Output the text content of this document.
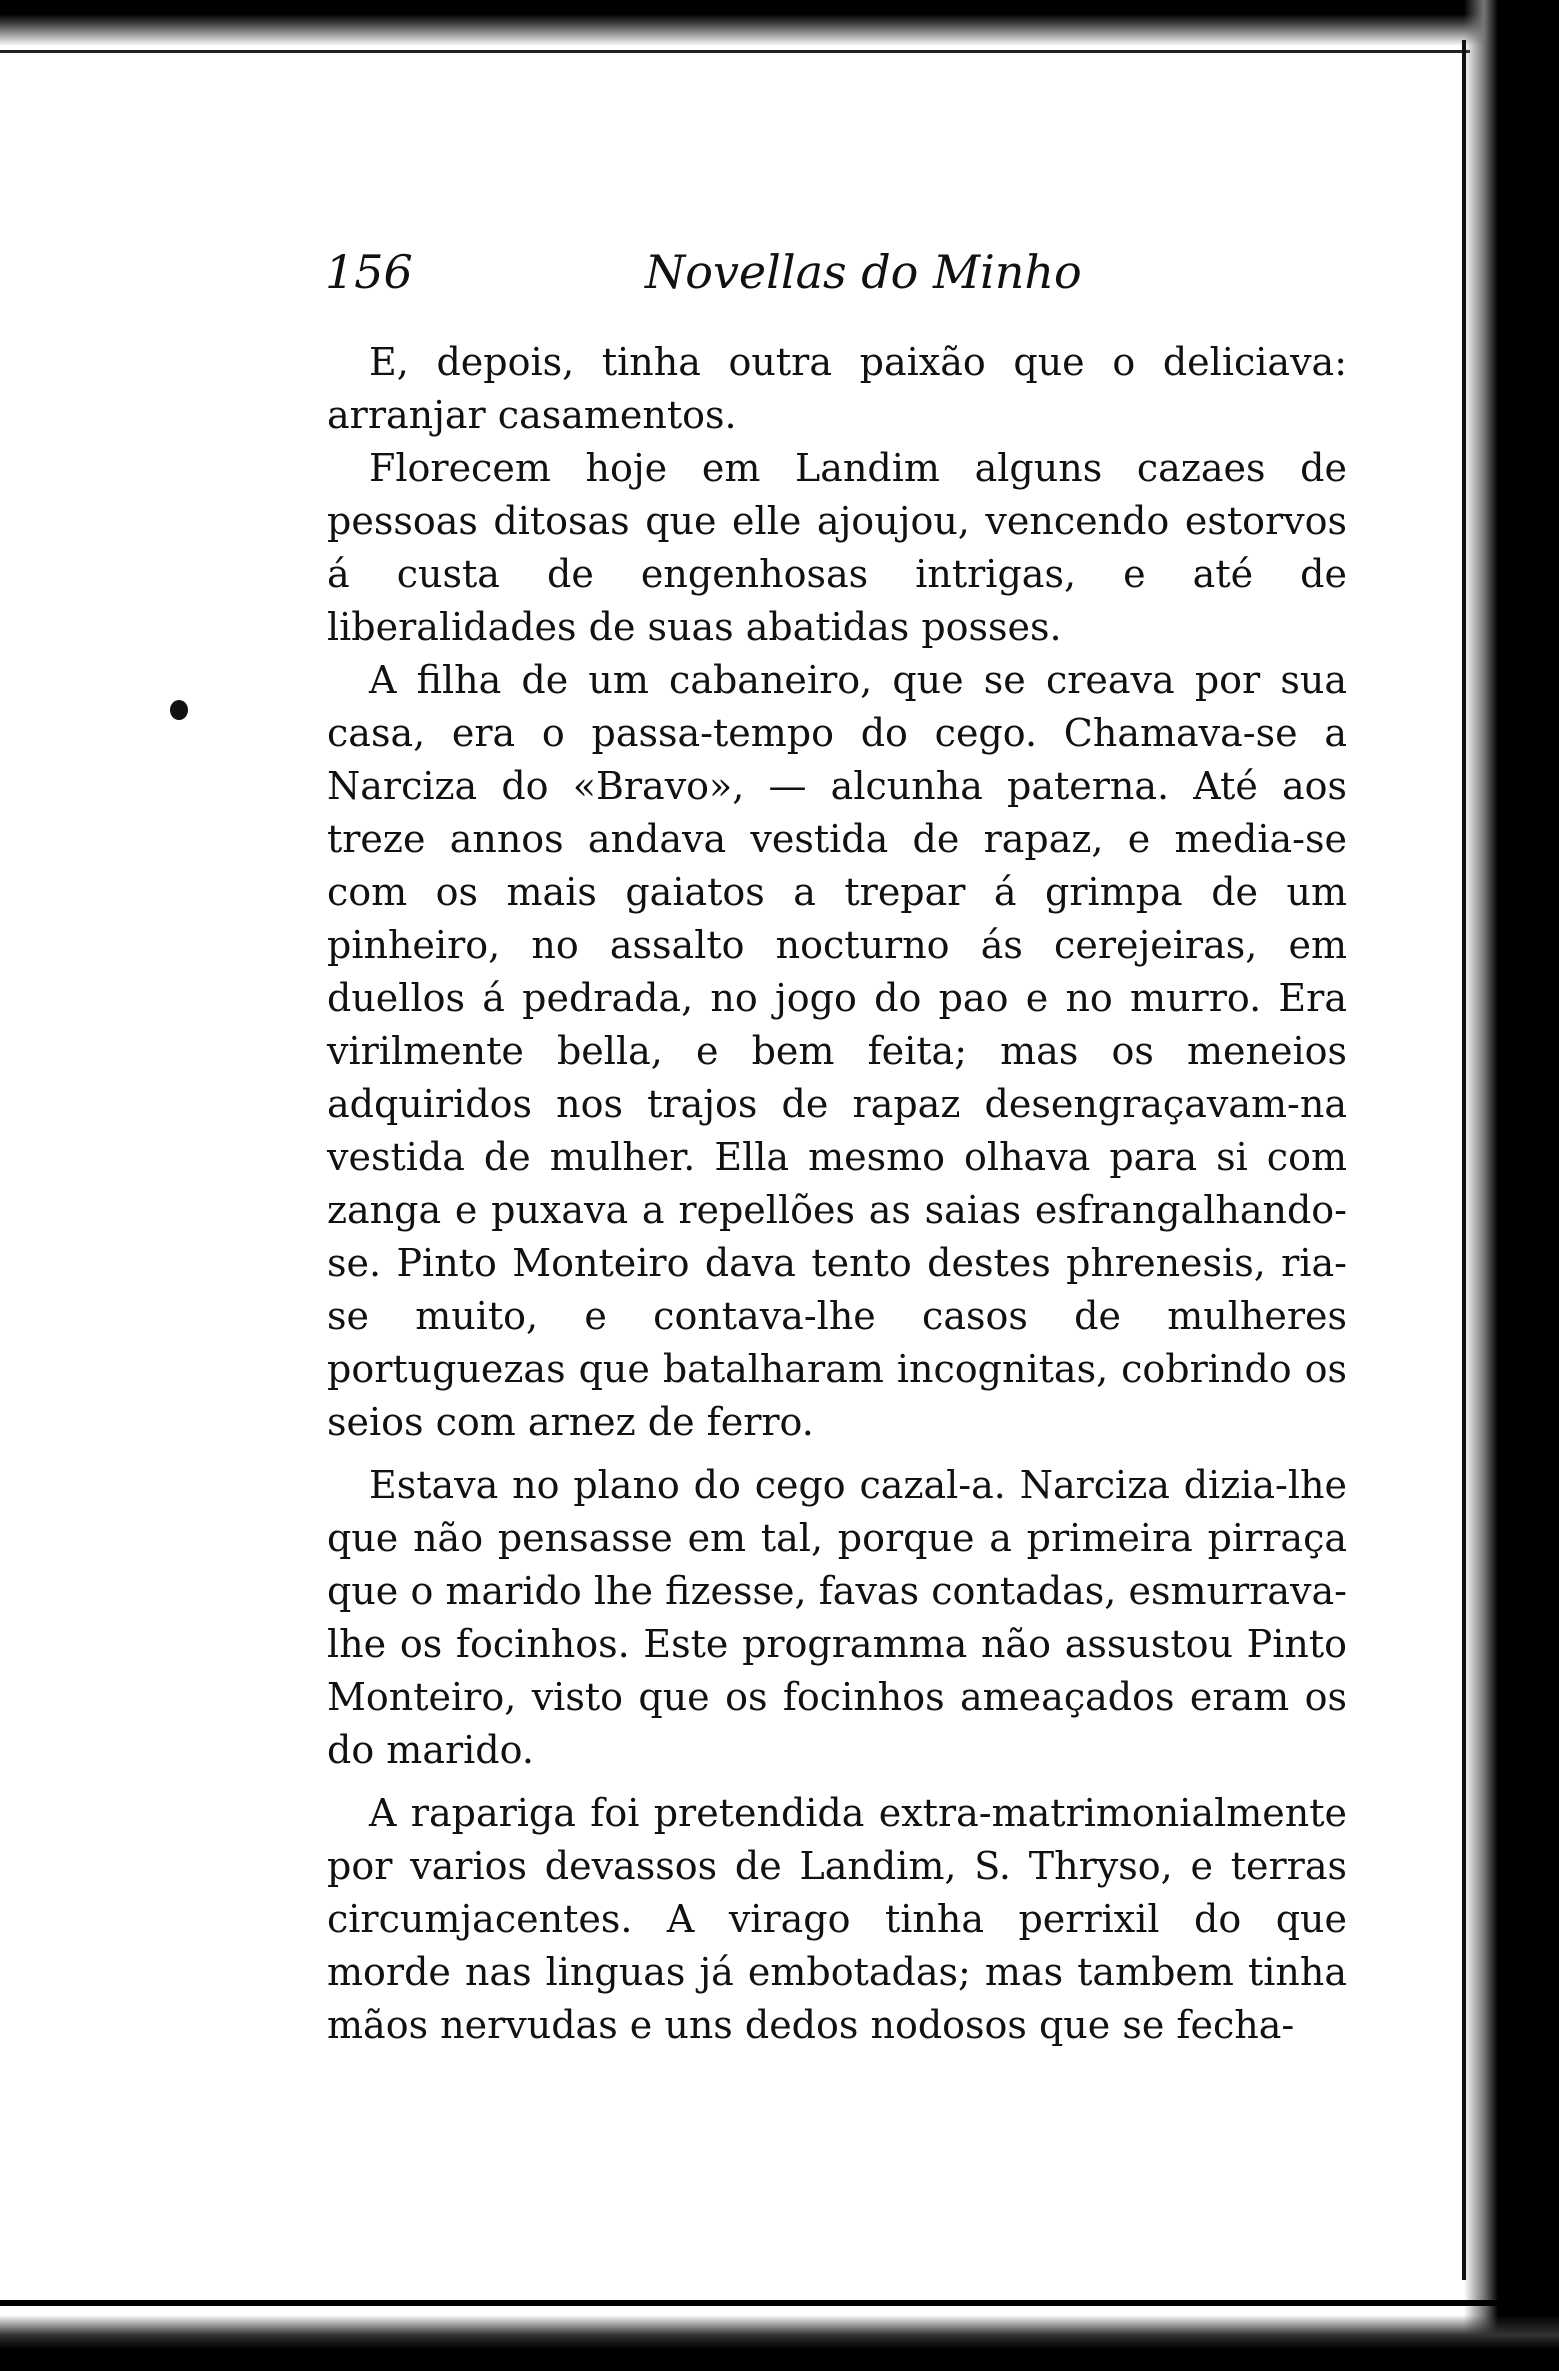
156	Novellas do Minho

E, depois, tinha outra paixão que o deliciava: arranjar casamentos.

Florecem hoje em Landim alguns cazaes de pessoas ditosas que elle ajoujou, vencendo estorvos á custa de engenhosas intrigas, e até de liberalidades de suas abatidas posses.

A filha de um cabaneiro, que se creava por sua casa, era o passa-tempo do cego. Chamava-se a Narciza do «Bravo», — alcunha paterna. Até aos treze annos andava vestida de rapaz, e media-se com os mais gaiatos a trepar á grimpa de um pinheiro, no assalto nocturno ás cerejeiras, em duellos á pedrada, no jogo do pao e no murro. Era virilmente bella, e bem feita; mas os meneios adquiridos nos trajos de rapaz desengraçavam-na vestida de mulher. Ella mesmo olhava para si com zanga e puxava a repellões as saias esfrangalhando-se. Pinto Monteiro dava tento destes phrenesis, ria-se muito, e contava-lhe casos de mulheres portuguezas que batalharam incognitas, cobrindo os seios com arnez de ferro.

Estava no plano do cego cazal-a. Narciza dizia-lhe que não pensasse em tal, porque a primeira pirraça que o marido lhe fizesse, favas contadas, esmurrava-lhe os focinhos. Este programma não assustou Pinto Monteiro, visto que os focinhos ameaçados eram os do marido.

A rapariga foi pretendida extra-matrimonialmente por varios devassos de Landim, S. Thryso, e terras circumjacentes. A virago tinha perrixil do que morde nas linguas já embotadas; mas tambem tinha mãos nervudas e uns dedos nodosos que se fecha-
